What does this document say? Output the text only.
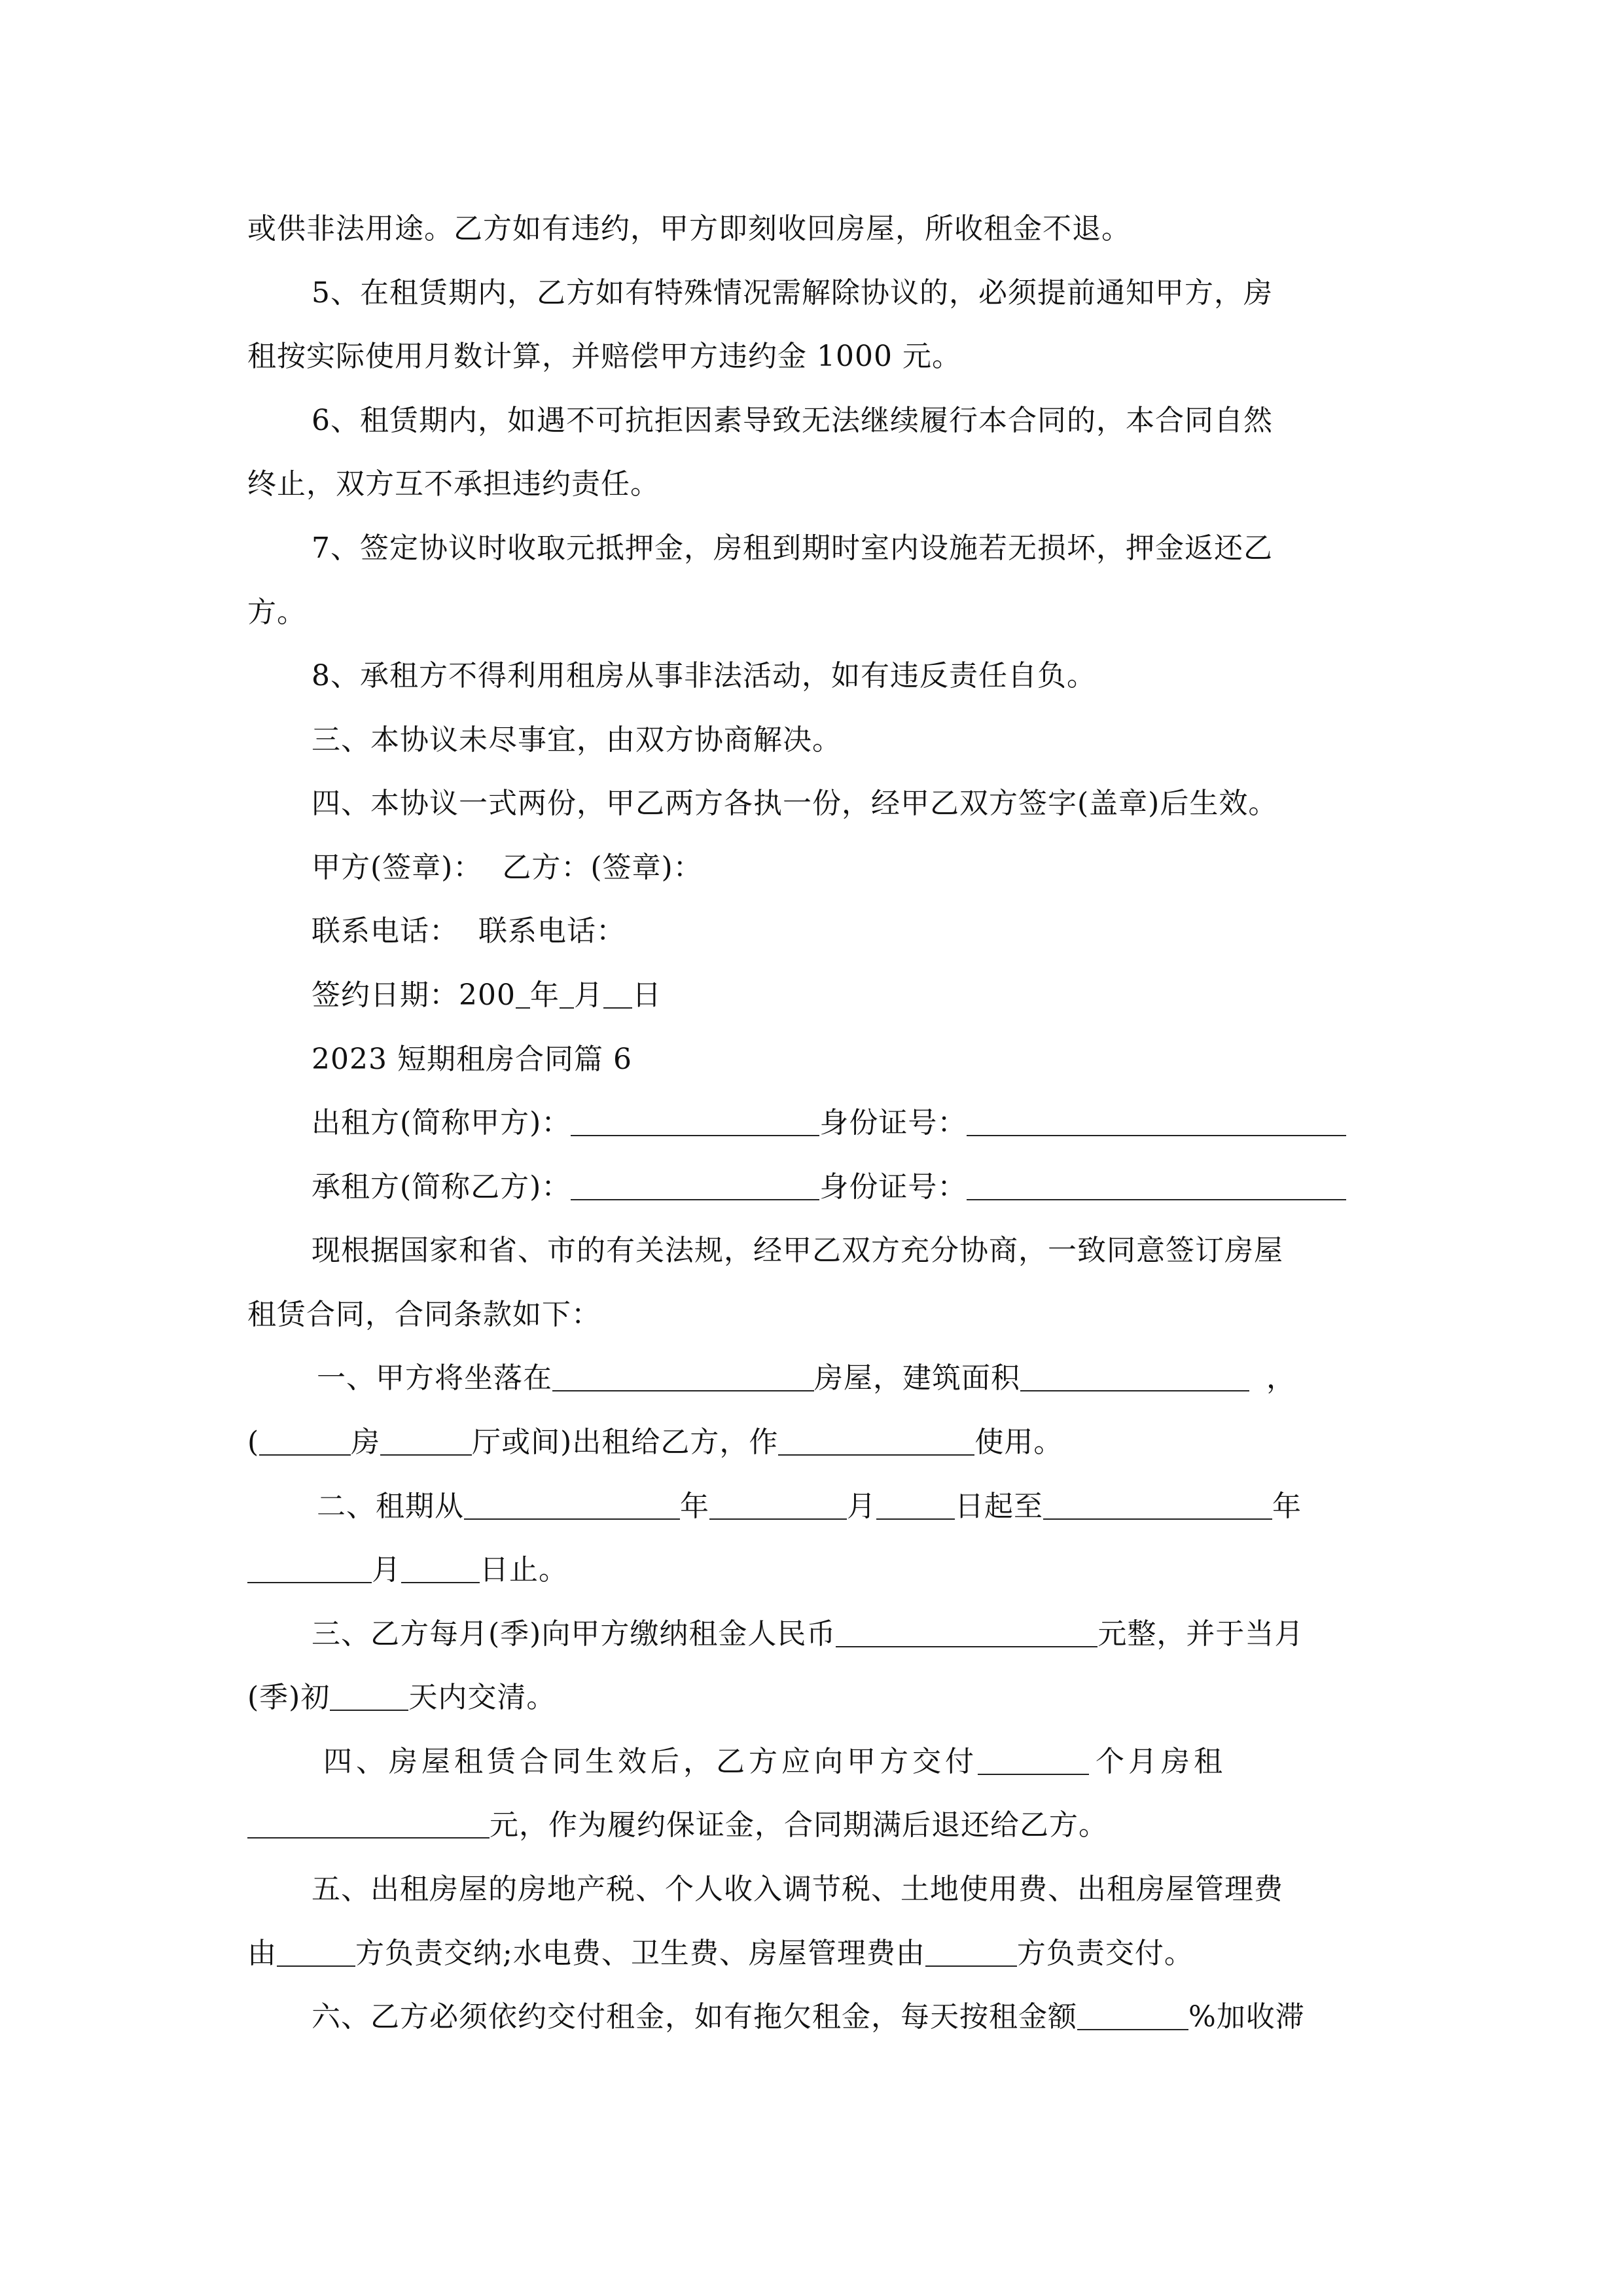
或供非法用途。乙方如有违约，甲方即刻收回房屋，所收租金不退。
5、在租赁期内，乙方如有特殊情况需解除协议的，必须提前通知甲方，房
租按实际使用月数计算，并赔偿甲方违约金 1000 元。
6、租赁期内，如遇不可抗拒因素导致无法继续履行本合同的，本合同自然
终止，双方互不承担违约责任。
7、签定协议时收取元抵押金，房租到期时室内设施若无损坏，押金返还乙
方。
8、承租方不得利用租房从事非法活动，如有违反责任自负。
三、本协议未尽事宜，由双方协商解决。
四、本协议一式两份，甲乙两方各执一份，经甲乙双方签字(盖章)后生效。
甲方(签章)： 乙方：(签章)：
联系电话： 联系电话：
签约日期：200 年 月 日
2023 短期租房合同篇 6
出租方(简称甲方)：	身份证号：
承租方(简称乙方)：	身份证号：
现根据国家和省、市的有关法规，经甲乙双方充分协商，一致同意签订房屋
租赁合同，合同条款如下：
一、甲方将坐落在	房屋，建筑面积	，
(	房	厅或间)出租给乙方，作	使用。
二、租期从	年	月	日起至	年
月	日止。
三、乙方每月(季)向甲方缴纳租金人民币	元整，并于当月
(季)初	天内交清。
四、房屋租赁合同生效后，乙方应向甲方交付	个月房租
元，作为履约保证金，合同期满后退还给乙方。
五、出租房屋的房地产税、个人收入调节税、土地使用费、出租房屋管理费
由	方负责交纳;水电费、卫生费、房屋管理费由	方负责交付。
六、乙方必须依约交付租金，如有拖欠租金，每天按租金额	%加收滞
